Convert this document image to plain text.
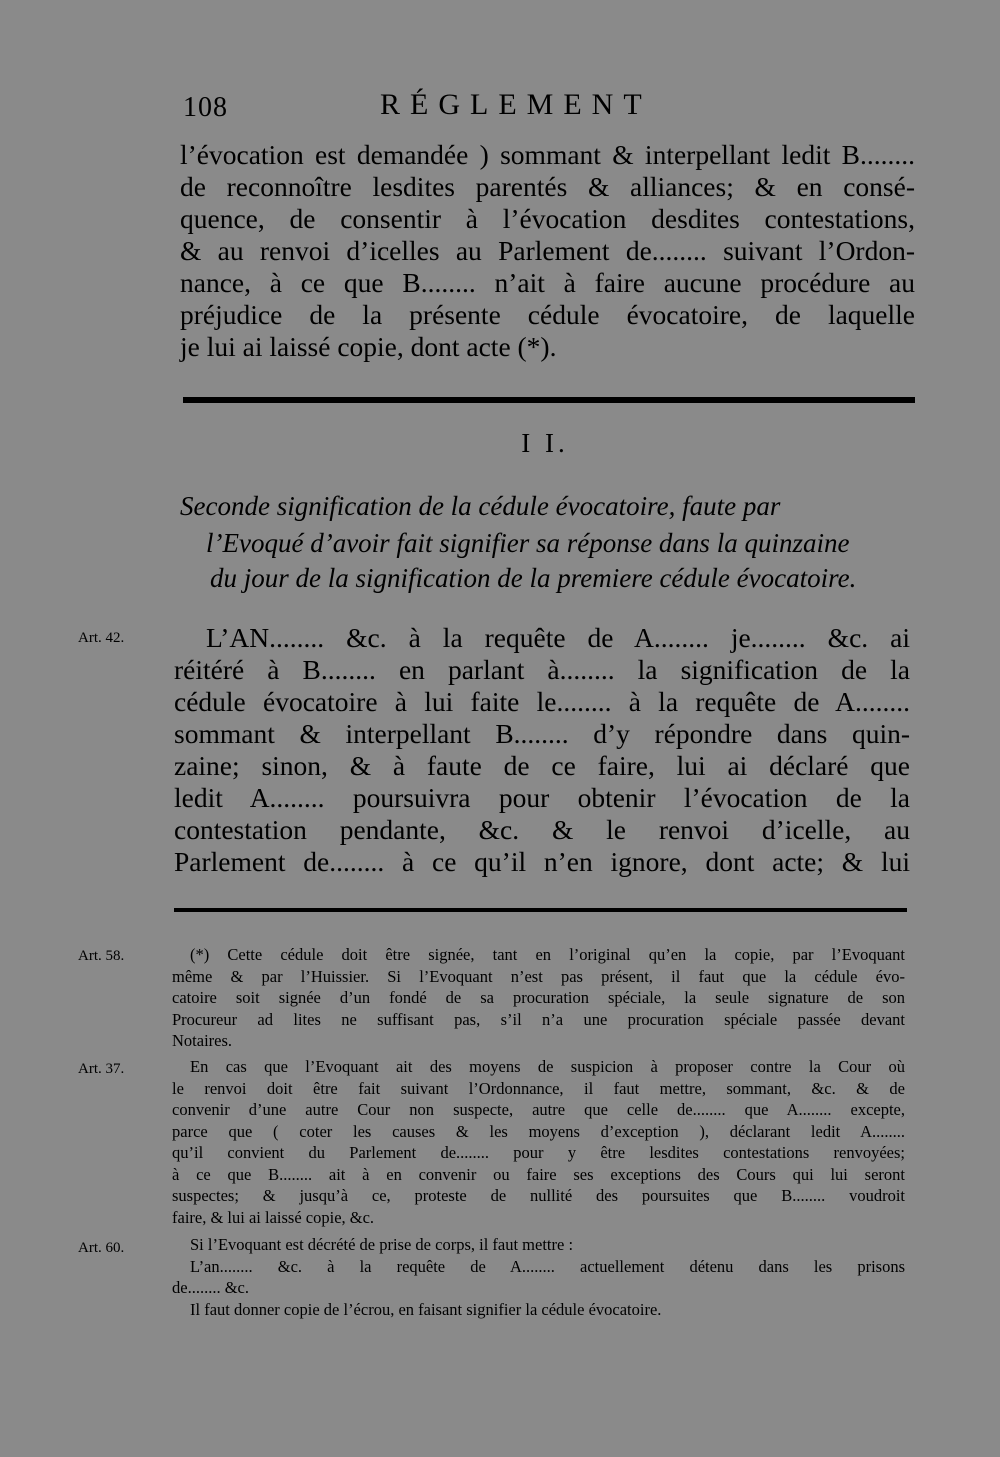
108	RÉGLEMENT
l’évocation est demandée ) sommant & interpellant ledit B........
de reconnoître lesdites parentés & alliances; & en consé-
quence, de consentir à l’évocation desdites contestations,
& au renvoi d’icelles au Parlement de........ suivant l’Ordon-
nance, à ce que B........ n’ait à faire aucune procédure au
préjudice de la présente cédule évocatoire, de laquelle
je lui ai laissé copie, dont acte (*).
I I.
Seconde signification de la cédule évocatoire, faute par
l’Evoqué d’avoir fait signifier sa réponse dans la quinzaine
du jour de la signification de la premiere cédule évocatoire.
Art. 42.	L’AN........ &c. à la requête de A........ je........ &c. ai
réitéré à B........ en parlant à........ la signification de la
cédule évocatoire à lui faite le........ à la requête de A........
sommant & interpellant B........ d’y répondre dans quin-
zaine; sinon, & à faute de ce faire, lui ai déclaré que
ledit A........ poursuivra pour obtenir l’évocation de la
contestation pendante, &c. & le renvoi d’icelle, au
Parlement de........ à ce qu’il n’en ignore, dont acte; & lui
Art. 58.	(*) Cette cédule doit être signée, tant en l’original qu’en la copie, par l’Evoquant
même & par l’Huissier. Si l’Evoquant n’est pas présent, il faut que la cédule évo-
catoire soit signée d’un fondé de sa procuration spéciale, la seule signature de son
Procureur ad lites ne suffisant pas, s’il n’a une procuration spéciale passée devant
Notaires.
Art. 37.	En cas que l’Evoquant ait des moyens de suspicion à proposer contre la Cour où
le renvoi doit être fait suivant l’Ordonnance, il faut mettre, sommant, &c. & de
convenir d’une autre Cour non suspecte, autre que celle de........ que A........ excepte,
parce que ( coter les causes & les moyens d’exception ), déclarant ledit A........
qu’il convient du Parlement de........ pour y être lesdites contestations renvoyées;
à ce que B........ ait à en convenir ou faire ses exceptions des Cours qui lui seront
suspectes; & jusqu’à ce, proteste de nullité des poursuites que B........ voudroit
faire, & lui ai laissé copie, &c.
Art. 60.	Si l’Evoquant est décrété de prise de corps, il faut mettre :
L’an........ &c. à la requête de A........ actuellement détenu dans les prisons
de........ &c.
Il faut donner copie de l’écrou, en faisant signifier la cédule évocatoire.
